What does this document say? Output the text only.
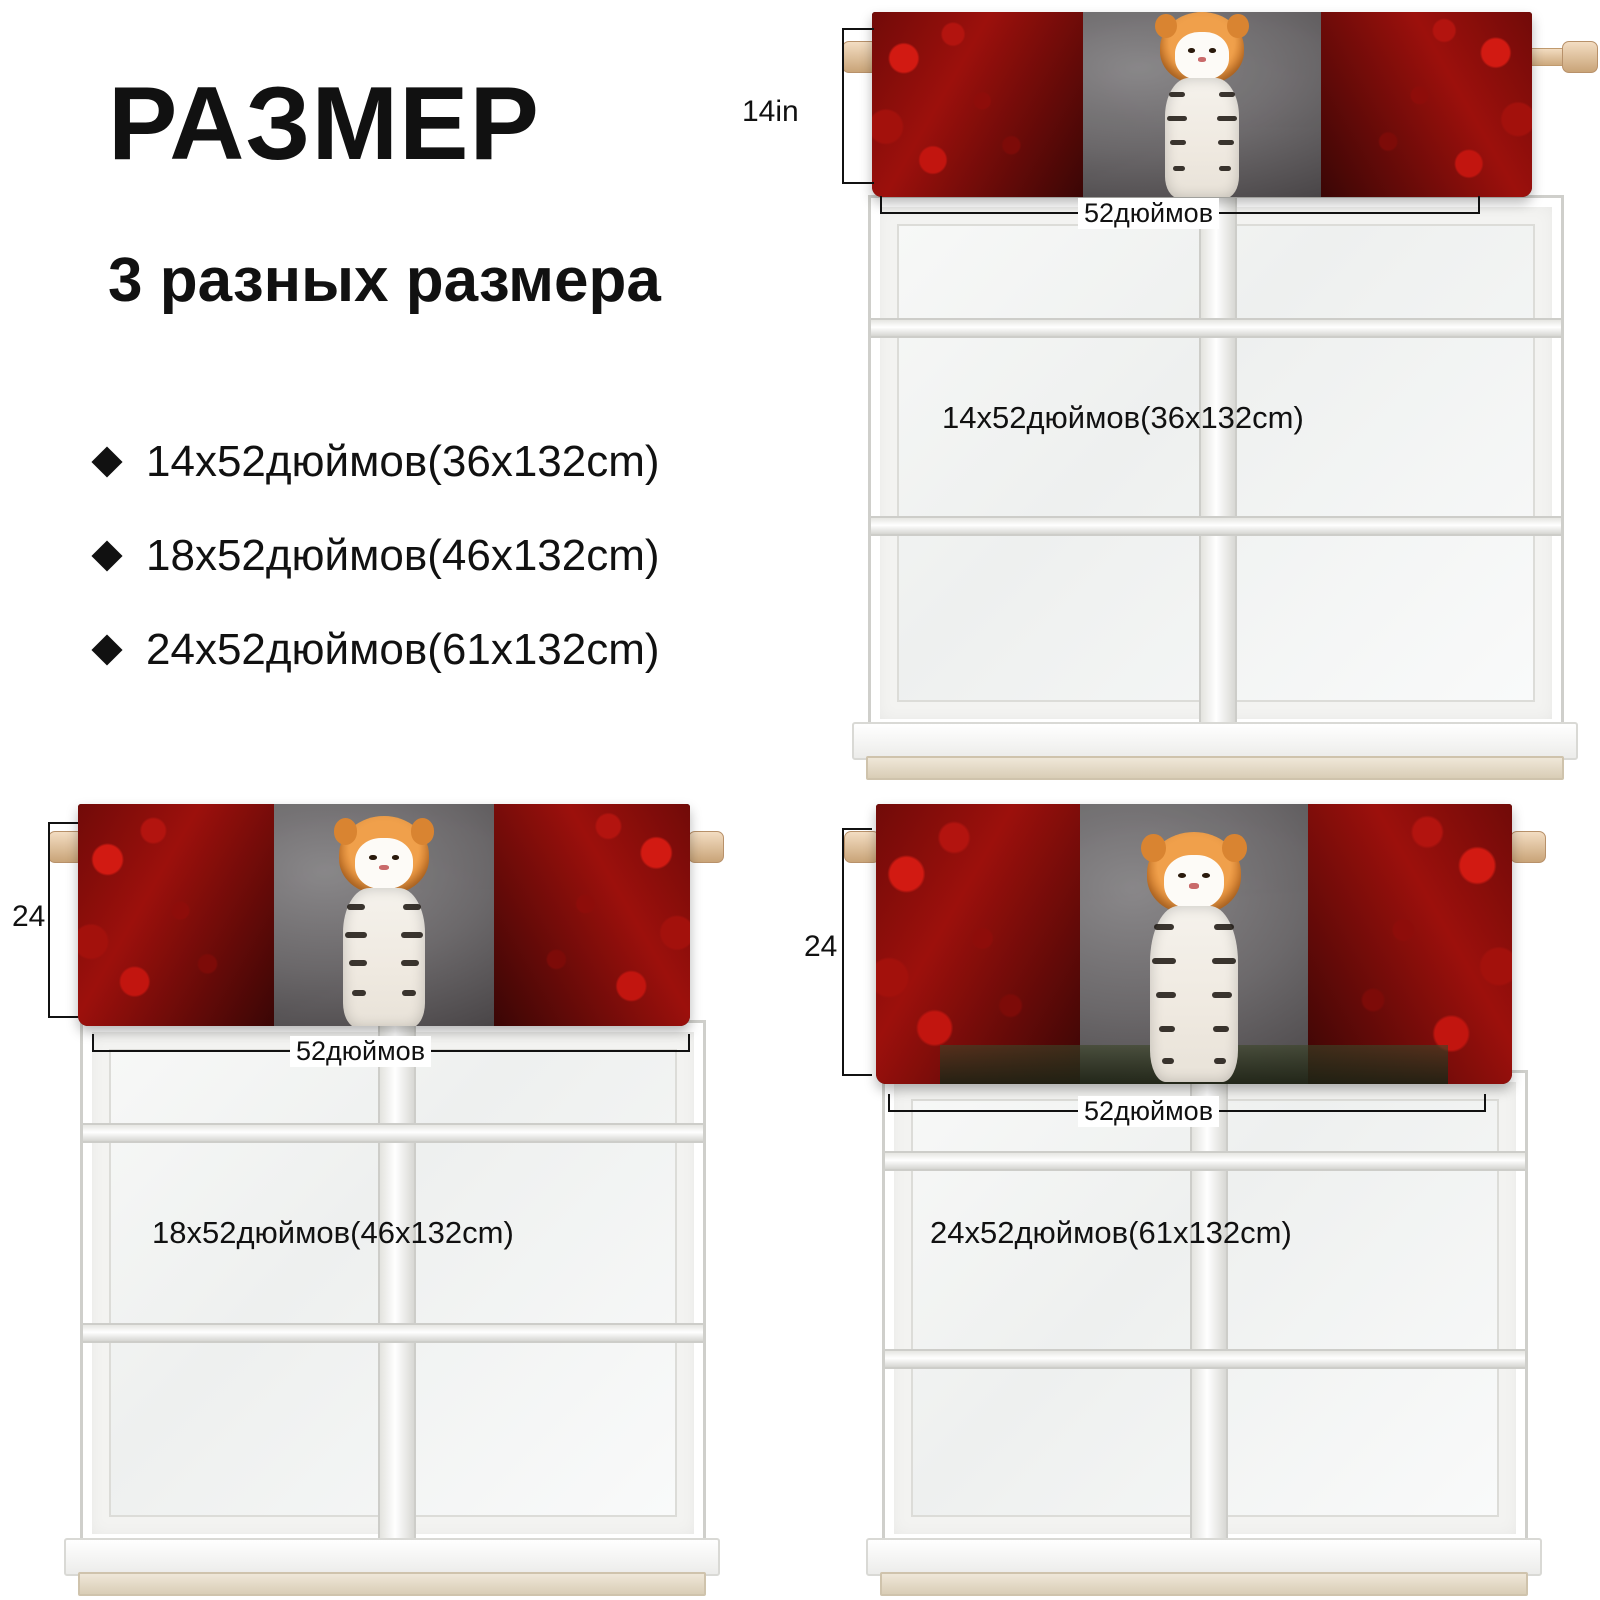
РАЗМЕР
3 разных размера
14x52дюймов(36x132cm)
18x52дюймов(46x132cm)
24x52дюймов(61x132cm)
14in
52дюймов
14x52дюймов(36x132cm)
24
52дюймов
18x52дюймов(46x132cm)
24
52дюймов
24x52дюймов(61x132cm)
